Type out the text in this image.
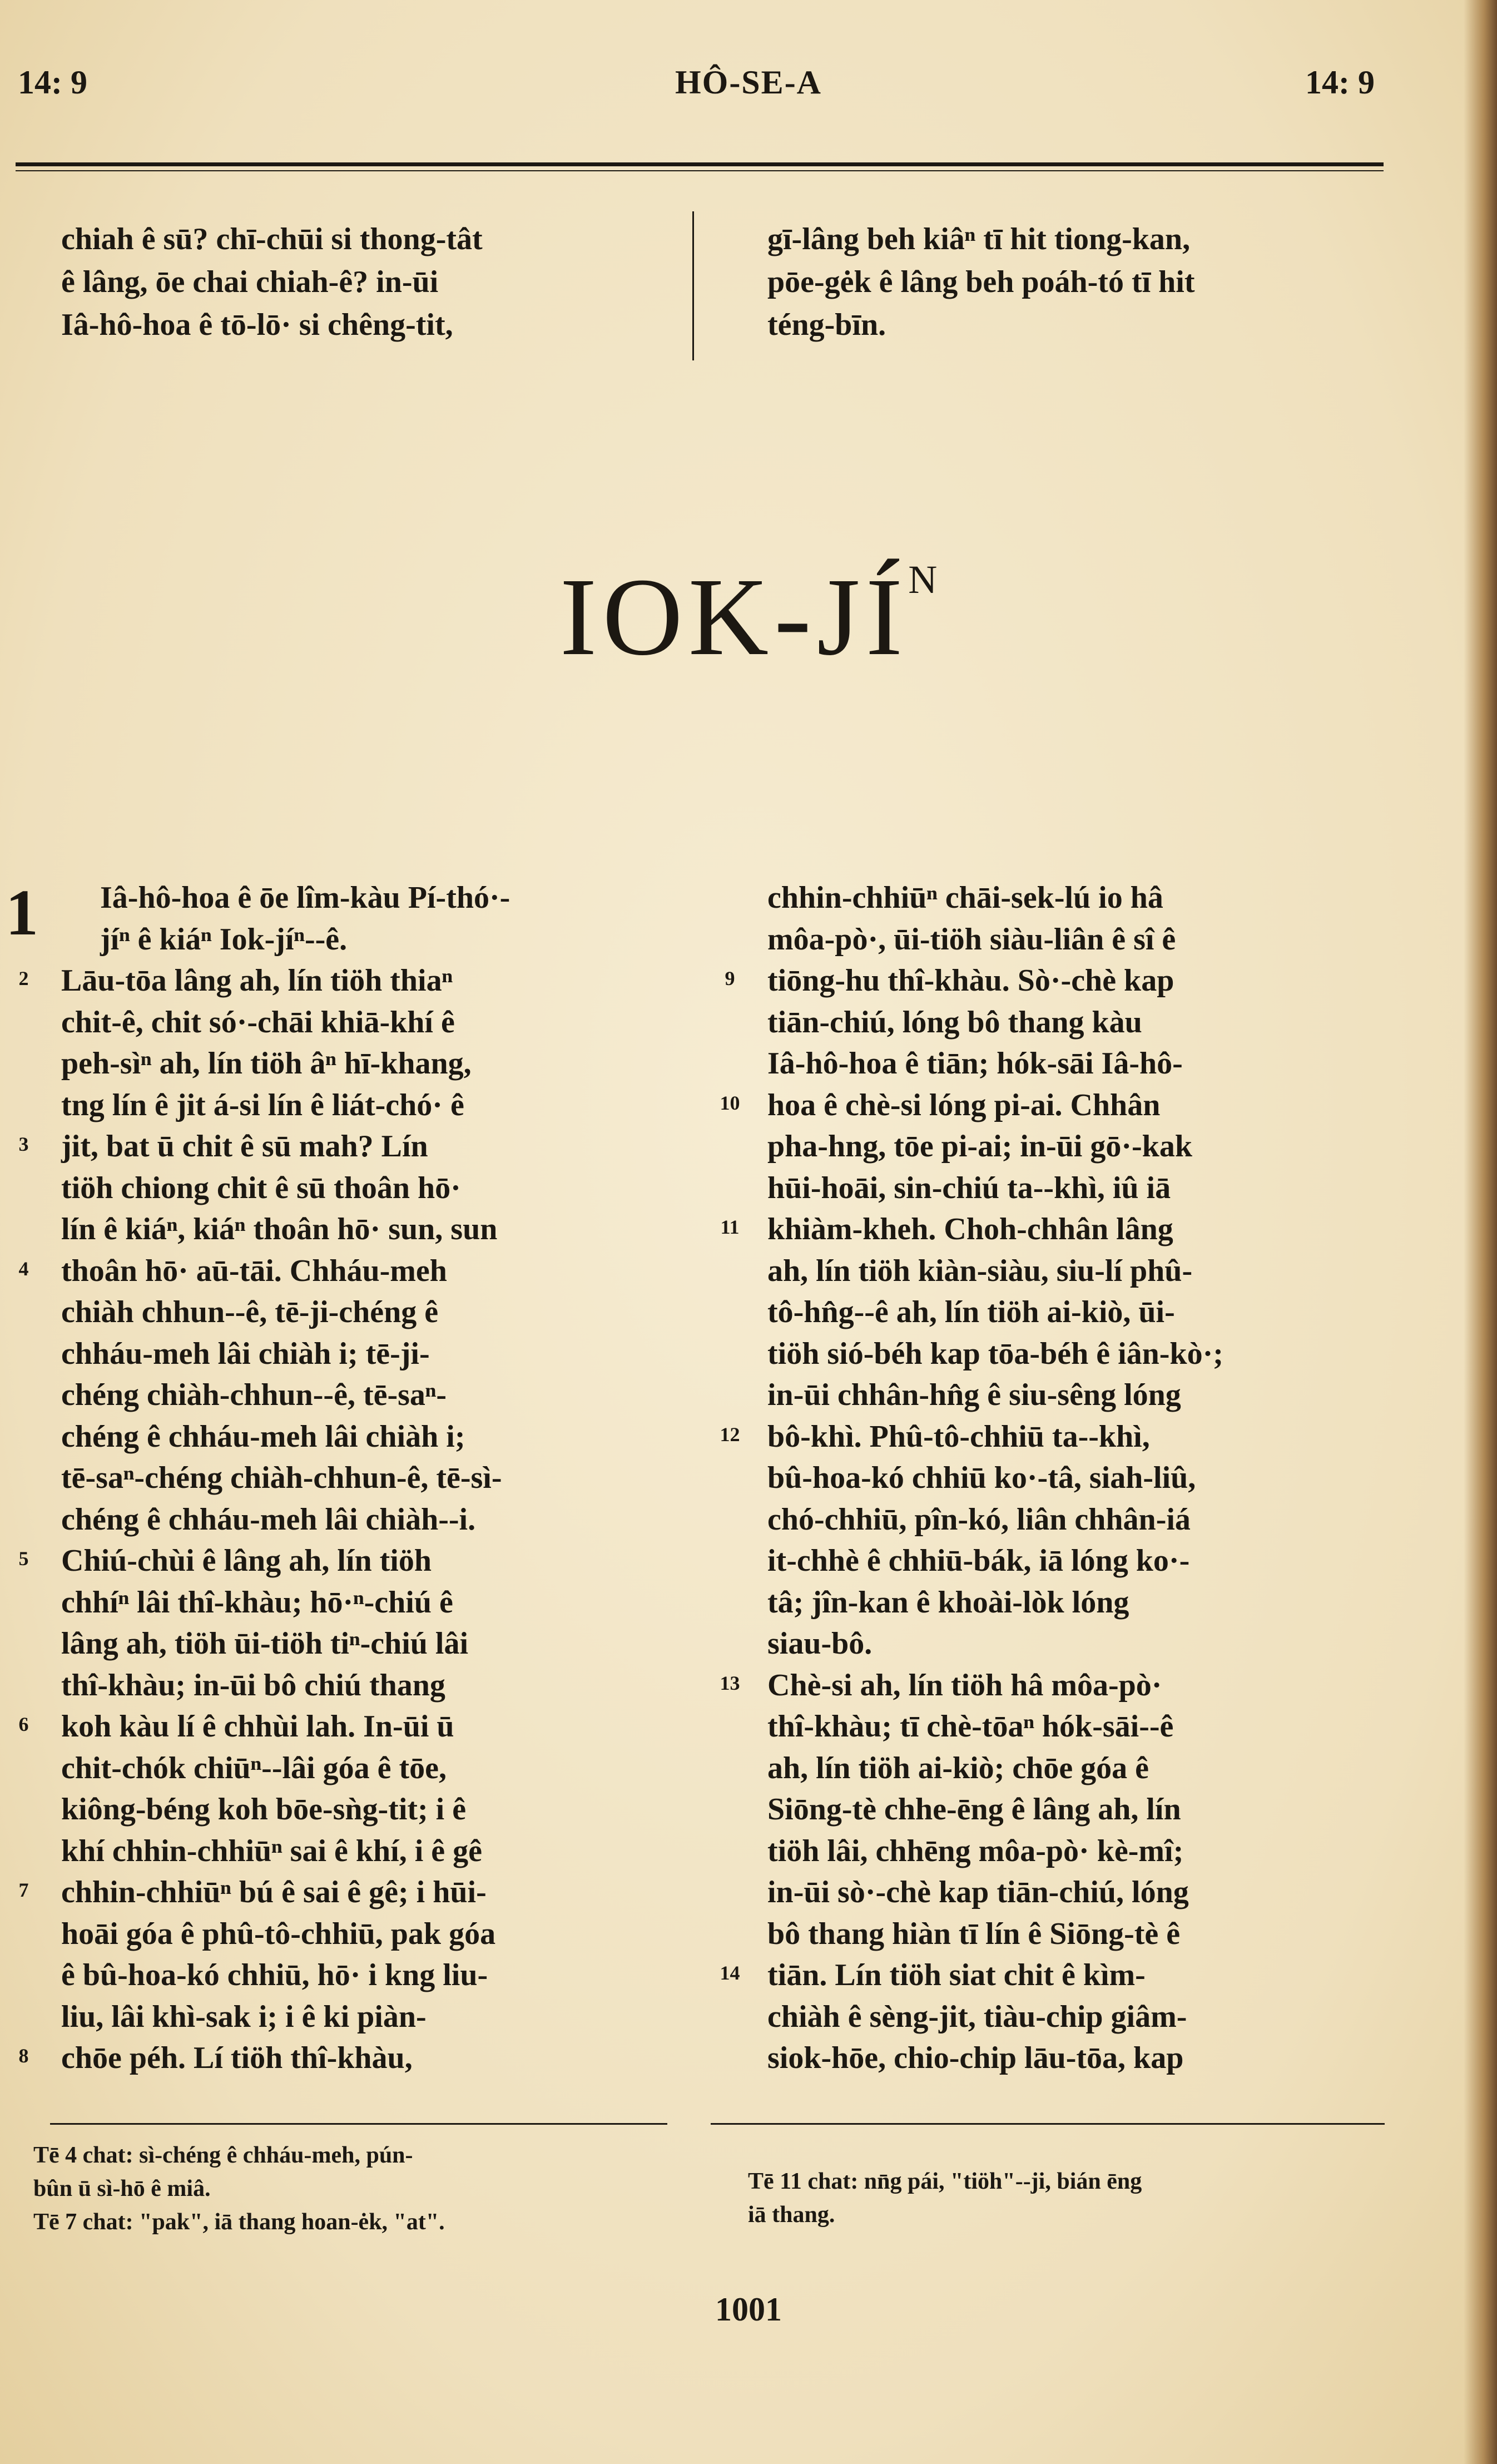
14: 9	HÔ-SE-A	14: 9
chiah ê sū? chī-chūi si thong-tât
ê lâng, ōe chai chiah-ê? in-ūi
Iâ-hô-hoa ê tō-lō· si chêng-tit,
gī-lâng beh kiâⁿ tī hit tiong-kan,
pōe-gėk ê lâng beh poáh-tó tī hit
téng-bīn.
IOK-$JÍ^N$
1	Iâ-hô-hoa ê ōe lîm-kàu Pí-thó·-
jíⁿ ê kiáⁿ Iok-jíⁿ--ê.
2	Lāu-tōa lâng ah, lín tiöh thiaⁿ
chit-ê, chit só·-chāi khiā-khí ê
peh-sìⁿ ah, lín tiöh âⁿ hī-khang,
tng lín ê jit á-si lín ê liát-chó· ê
3	jit, bat ū chit ê sū mah? Lín
tiöh chiong chit ê sū thoân hō·
lín ê kiáⁿ, kiáⁿ thoân hō· sun, sun
4	thoân hō· aū-tāi. Chháu-meh
chiàh chhun--ê, tē-ji-chéng ê
chháu-meh lâi chiàh i; tē-ji-
chéng chiàh-chhun--ê, tē-saⁿ-
chéng ê chháu-meh lâi chiàh i;
tē-saⁿ-chéng chiàh-chhun-ê, tē-sì-
chéng ê chháu-meh lâi chiàh--i.
5	Chiú-chùi ê lâng ah, lín tiöh
chhíⁿ lâi thî-khàu; hō·ⁿ-chiú ê
lâng ah, tiöh ūi-tiöh tiⁿ-chiú lâi
thî-khàu; in-ūi bô chiú thang
6	koh kàu lí ê chhùi lah. In-ūi ū
chit-chók chiūⁿ--lâi góa ê tōe,
kiông-béng koh bōe-sǹg-tit; i ê
khí chhin-chhiūⁿ sai ê khí, i ê gê
7	chhin-chhiūⁿ bú ê sai ê gê; i hūi-
hoāi góa ê phû-tô-chhiū, pak góa
ê bû-hoa-kó chhiū, hō· i kng liu-
liu, lâi khì-sak i; i ê ki piàn-
8	chōe péh. Lí tiöh thî-khàu,
chhin-chhiūⁿ chāi-sek-lú io hâ
môa-pò·, ūi-tiöh siàu-liân ê sî ê
9	tiōng-hu thî-khàu. Sò·-chè kap
tiān-chiú, lóng bô thang kàu
Iâ-hô-hoa ê tiān; hók-sāi Iâ-hô-
10 hoa ê chè-si lóng pi-ai. Chhân
pha-hng, tōe pi-ai; in-ūi gō·-kak
hūi-hoāi, sin-chiú ta--khì, iû iā
11 khiàm-kheh. Choh-chhân lâng
ah, lín tiöh kiàn-siàu, siu-lí phû-
tô-hn̂g--ê ah, lín tiöh ai-kiò, ūi-
tiöh sió-béh kap tōa-béh ê iân-kò·;
in-ūi chhân-hn̂g ê siu-sêng lóng
12 bô-khì. Phû-tô-chhiū ta--khì,
bû-hoa-kó chhiū ko·-tâ, siah-liû,
chó-chhiū, pîn-kó, liân chhân-iá
it-chhè ê chhiū-bák, iā lóng ko·-
tâ; jîn-kan ê khoài-lòk lóng
siau-bô.
13 Chè-si ah, lín tiöh hâ môa-pò·
thî-khàu; tī chè-tōaⁿ hók-sāi--ê
ah, lín tiöh ai-kiò; chōe góa ê
Siōng-tè chhe-ēng ê lâng ah, lín
tiöh lâi, chhēng môa-pò· kè-mî;
in-ūi sò·-chè kap tiān-chiú, lóng
bô thang hiàn tī lín ê Siōng-tè ê
14 tiān. Lín tiöh siat chit ê kìm-
chiàh ê sèng-jit, tiàu-chip giâm-
siok-hōe, chio-chip lāu-tōa, kap
Tē 4 chat: sì-chéng ê chháu-meh, pún-
bûn ū sì-hō ê miâ.
Tē 7 chat: "pak", iā thang hoan-ėk, "at".
Tē 11 chat: nn̄g pái, "tiöh"--ji, bián ēng
iā thang.
1001
